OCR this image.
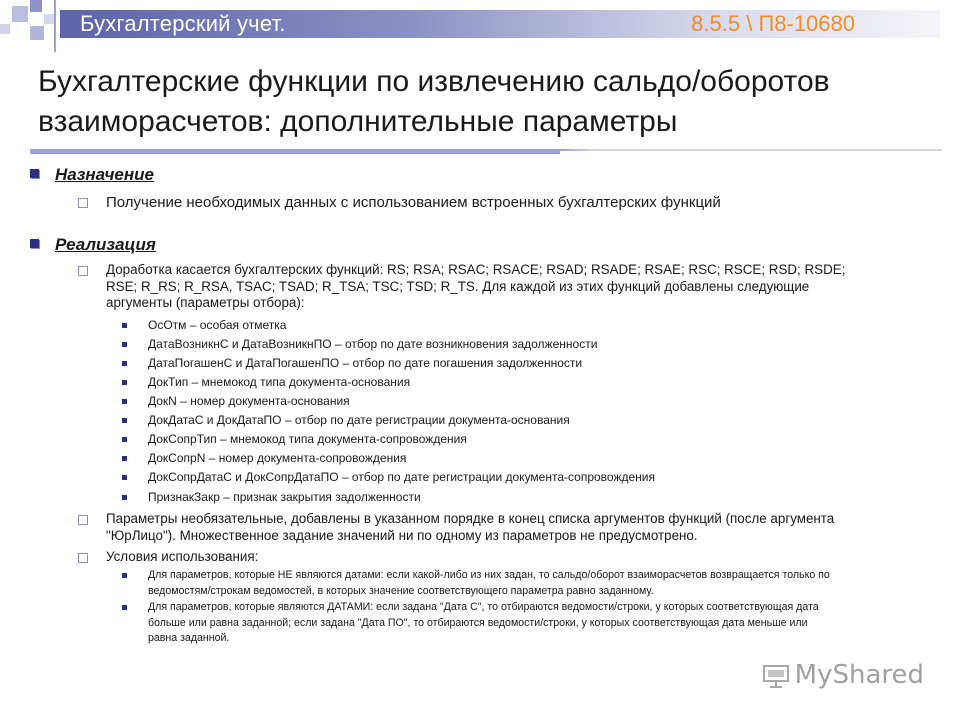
Бухгалтерский учет.	8.5.5 \ П8-10680
Бухгалтерские функции по извлечению сальдо/оборотов
взаиморасчетов: дополнительные параметры
Назначение
Получение необходимых данных с использованием встроенных бухгалтерских функций
Реализация
Доработка касается бухгалтерских функций: RS; RSA; RSAC; RSACE; RSAD; RSADE; RSAE; RSC; RSCE; RSD; RSDE;
RSE; R_RS; R_RSA, TSAC; TSAD; R_TSA; TSC; TSD; R_TS. Для каждой из этих функций добавлены следующие
аргументы (параметры отбора):
ОсОтм – особая отметка
ДатаВозникнС и ДатаВозникнПО – отбор по дате возникновения задолженности
ДатаПогашенС и ДатаПогашенПО – отбор по дате погашения задолженности
ДокТип – мнемокод типа документа-основания
ДокN – номер документа-основания
ДокДатаС и ДокДатаПО – отбор по дате регистрации документа-основания
ДокСопрТип – мнемокод типа документа-сопровождения
ДокСопрN – номер документа-сопровождения
ДокСопрДатаС и ДокСопрДатаПО – отбор по дате регистрации документа-сопровождения
ПризнакЗакр – признак закрытия задолженности
Параметры необязательные, добавлены в указанном порядке в конец списка аргументов функций (после аргумента
"ЮрЛицо"). Множественное задание значений ни по одному из параметров не предусмотрено.
Условия использования:
Для параметров, которые НЕ являются датами: если какой-либо из них задан, то сальдо/оборот взаиморасчетов возвращается только по
ведомостям/строкам ведомостей, в которых значение соответствующего параметра равно заданному.
Для параметров, которые являются ДАТАМИ: если задана "Дата С", то отбираются ведомости/строки, у которых соответствующая дата
больше или равна заданной; если задана "Дата ПО", то отбираются ведомости/строки, у которых соответствующая дата меньше или
равна заданной.
MyShared
